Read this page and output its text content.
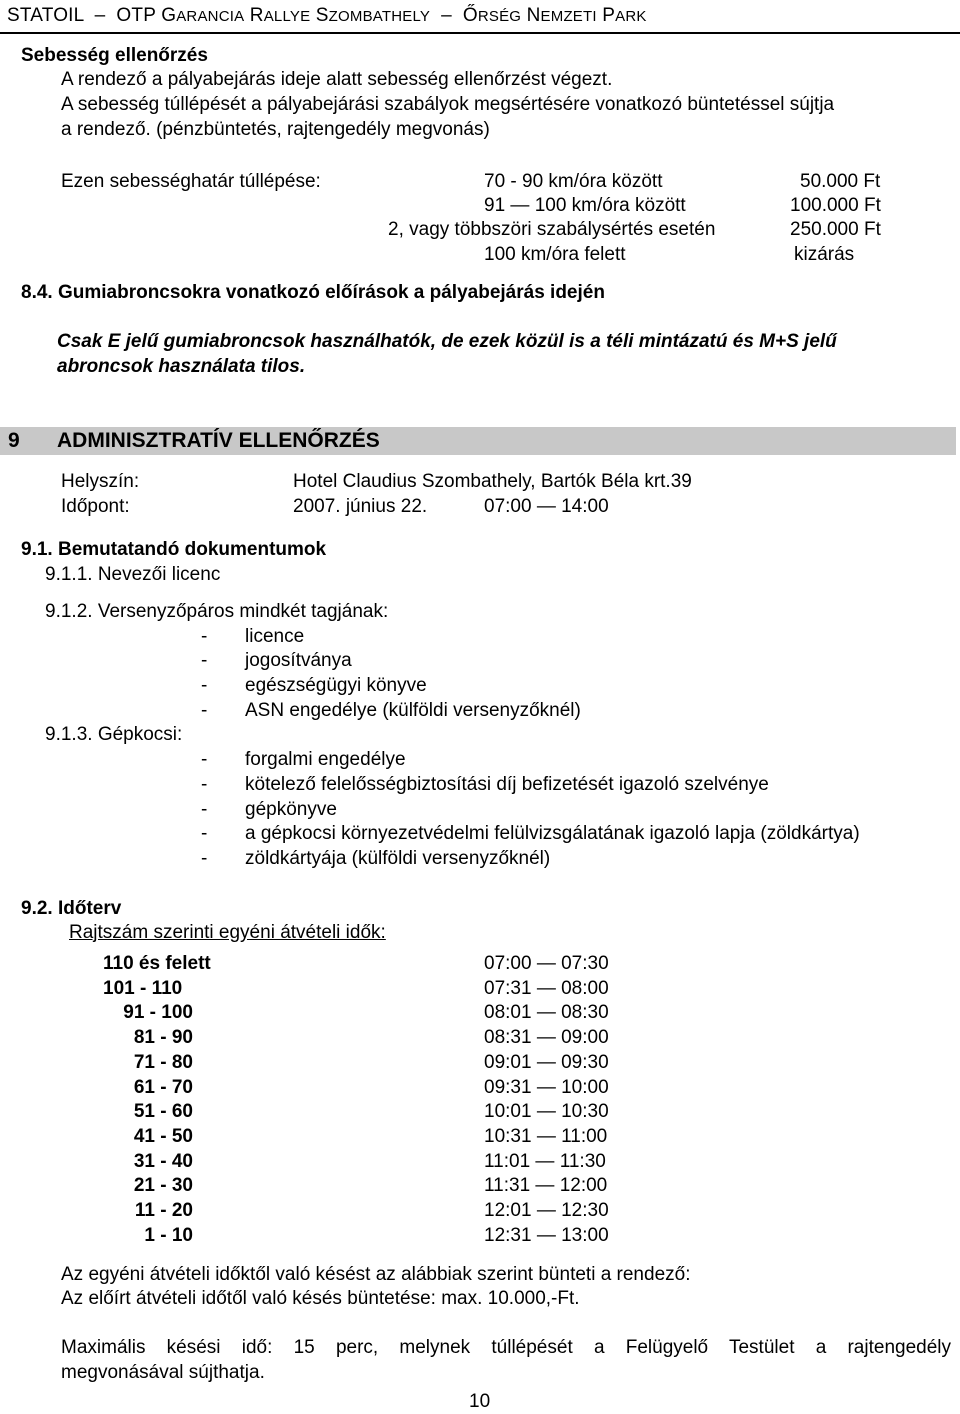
STATOIL  –  OTP GARANCIA RALLYE SZOMBATHELY  –  ŐRSÉG NEMZETI PARK
Sebesség ellenőrzés
A rendező a pályabejárás ideje alatt sebesség ellenőrzést végezt.
A sebesség túllépését a pályabejárási szabályok megsértésére vonatkozó büntetéssel sújtja
a rendező. (pénzbüntetés, rajtengedély megvonás)
Ezen sebességhatár túllépése:	70 - 90 km/óra között	50.000 Ft
91 — 100 km/óra között	100.000 Ft
2, vagy többszöri szabálysértés esetén	250.000 Ft
100 km/óra felett	kizárás
8.4. Gumiabroncsokra vonatkozó előírások a pályabejárás idején
Csak E jelű gumiabroncsok használhatók, de ezek közül is a téli mintázatú és M+S jelű
abroncsok használata tilos.
9 ADMINISZTRATÍV ELLENŐRZÉS
Helyszín:	Hotel Claudius Szombathely, Bartók Béla krt.39
Időpont:	2007. június 22.	07:00 — 14:00
9.1. Bemutatandó dokumentumok
9.1.1. Nevezői licenc
9.1.2. Versenyzőpáros mindkét tagjának:
- licence
- jogosítványa
- egészségügyi könyve
- ASN engedélye (külföldi versenyzőknél)
9.1.3. Gépkocsi:
- forgalmi engedélye
- kötelező felelősségbiztosítási díj befizetését igazoló szelvénye
- gépkönyve
- a gépkocsi környezetvédelmi felülvizsgálatának igazoló lapja (zöldkártya)
- zöldkártyája (külföldi versenyzőknél)
9.2. Időterv
Rajtszám szerinti egyéni átvételi idők:
110 és felett	07:00 — 07:30
101 - 110	07:31 — 08:00
91 - 100	08:01 — 08:30
81 - 90	08:31 — 09:00
71 - 80	09:01 — 09:30
61 - 70	09:31 — 10:00
51 - 60	10:01 — 10:30
41 - 50	10:31 — 11:00
31 - 40	11:01 — 11:30
21 - 30	11:31 — 12:00
11 - 20	12:01 — 12:30
1 - 10	12:31 — 13:00
Az egyéni átvételi időktől való késést az alábbiak szerint bünteti a rendező:
Az előírt átvételi időtől való késés büntetése: max. 10.000,-Ft.
Maximális késési idő: 15 perc, melynek túllépését a Felügyelő Testület a rajtengedély
megvonásával sújthatja.
10
